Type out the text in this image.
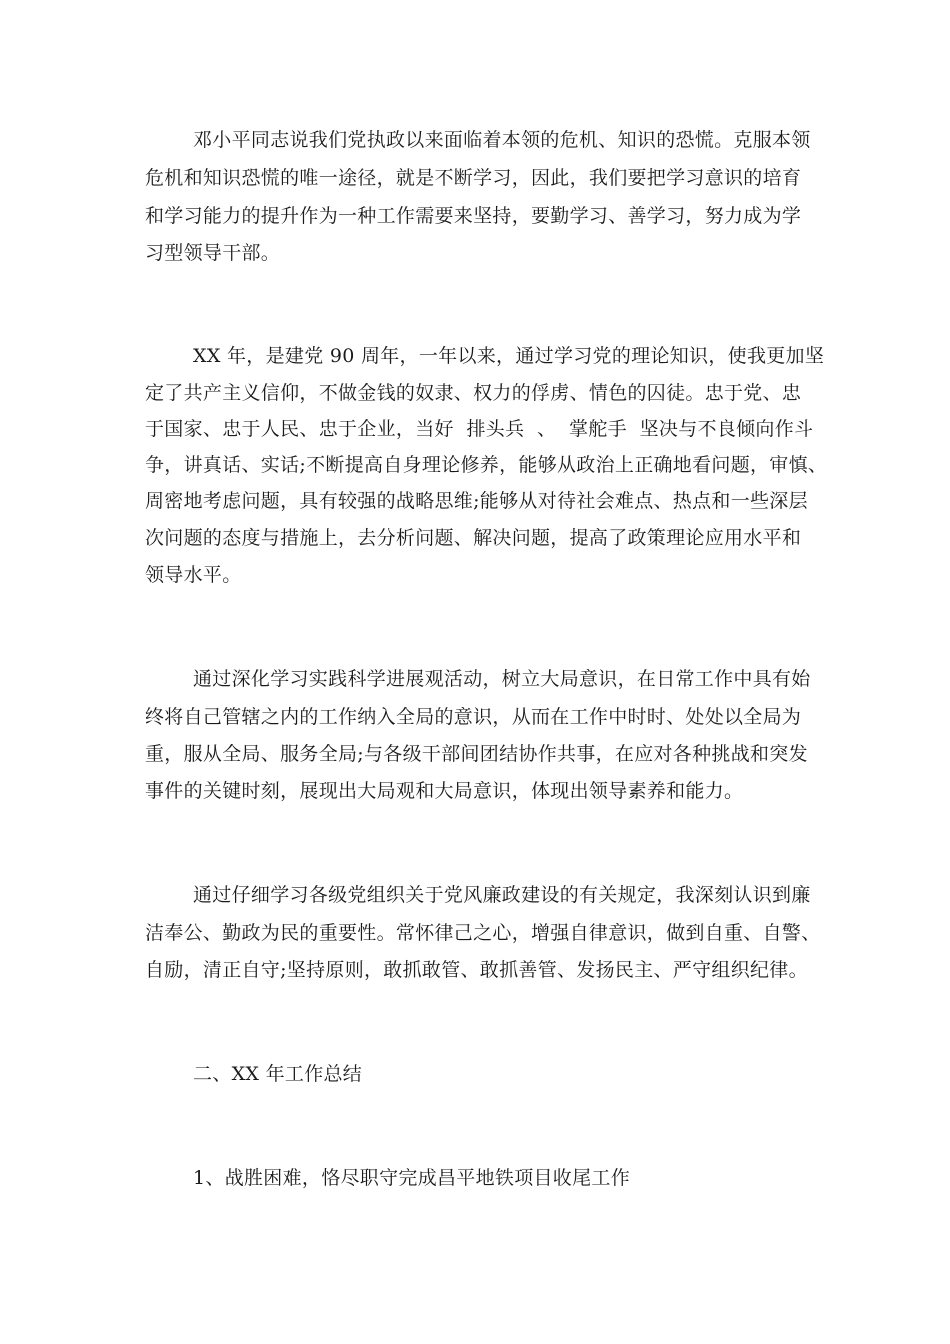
邓小平同志说我们党执政以来面临着本领的危机、知识的恐慌。克服本领
危机和知识恐慌的唯一途径，就是不断学习，因此，我们要把学习意识的培育
和学习能力的提升作为一种工作需要来坚持，要勤学习、善学习，努力成为学
习型领导干部。
XX 年，是建党 90 周年，一年以来，通过学习党的理论知识，使我更加坚
定了共产主义信仰，不做金钱的奴隶、权力的俘虏、情色的囚徒。忠于党、忠
于国家、忠于人民、忠于企业，当好  排头兵  、  掌舵手  坚决与不良倾向作斗
争，讲真话、实话;不断提高自身理论修养，能够从政治上正确地看问题，审慎、
周密地考虑问题，具有较强的战略思维;能够从对待社会难点、热点和一些深层
次问题的态度与措施上，去分析问题、解决问题，提高了政策理论应用水平和
领导水平。
通过深化学习实践科学进展观活动，树立大局意识，在日常工作中具有始
终将自己管辖之内的工作纳入全局的意识，从而在工作中时时、处处以全局为
重，服从全局、服务全局;与各级干部间团结协作共事，在应对各种挑战和突发
事件的关键时刻，展现出大局观和大局意识，体现出领导素养和能力。
通过仔细学习各级党组织关于党风廉政建设的有关规定，我深刻认识到廉
洁奉公、勤政为民的重要性。常怀律己之心，增强自律意识，做到自重、自警、
自励，清正自守;坚持原则，敢抓敢管、敢抓善管、发扬民主、严守组织纪律。
二、XX 年工作总结
1、战胜困难，恪尽职守完成昌平地铁项目收尾工作
